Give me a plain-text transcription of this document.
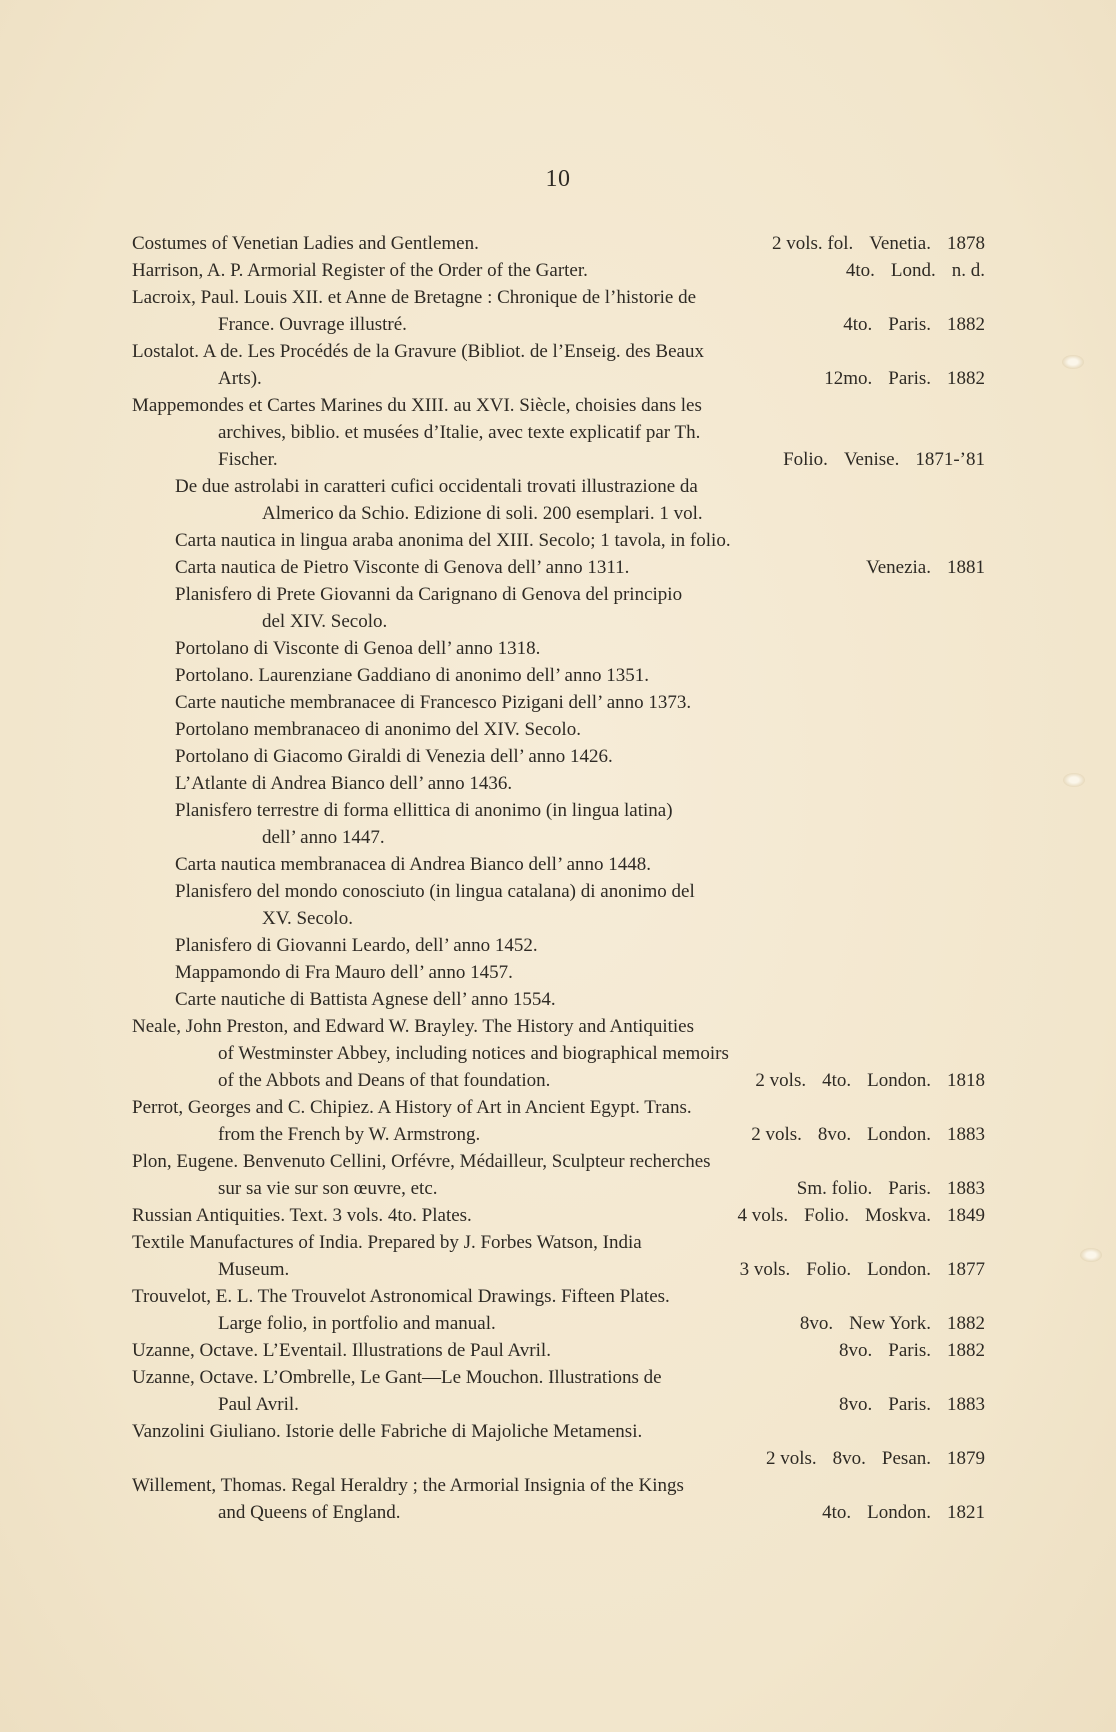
10
Costumes of Venetian Ladies and Gentlemen.	2 vols. fol. Venetia. 1878
Harrison, A. P. Armorial Register of the Order of the Garter.	4to. Lond. n. d.
Lacroix, Paul. Louis XII. et Anne de Bretagne : Chronique de l’historie de
France. Ouvrage illustré.	4to. Paris. 1882
Lostalot. A de. Les Procédés de la Gravure (Bibliot. de l’Enseig. des Beaux
Arts).	12mo. Paris. 1882
Mappemondes et Cartes Marines du XIII. au XVI. Siècle, choisies dans les
archives, biblio. et musées d’Italie, avec texte explicatif par Th.
Fischer.	Folio. Venise. 1871-’81
De due astrolabi in caratteri cufici occidentali trovati illustrazione da
Almerico da Schio. Edizione di soli. 200 esemplari. 1 vol.
Carta nautica in lingua araba anonima del XIII. Secolo; 1 tavola, in folio.
Carta nautica de Pietro Visconte di Genova dell’ anno 1311.	Venezia. 1881
Planisfero di Prete Giovanni da Carignano di Genova del principio
del XIV. Secolo.
Portolano di Visconte di Genoa dell’ anno 1318.
Portolano. Laurenziane Gaddiano di anonimo dell’ anno 1351.
Carte nautiche membranacee di Francesco Pizigani dell’ anno 1373.
Portolano membranaceo di anonimo del XIV. Secolo.
Portolano di Giacomo Giraldi di Venezia dell’ anno 1426.
L’Atlante di Andrea Bianco dell’ anno 1436.
Planisfero terrestre di forma ellittica di anonimo (in lingua latina)
dell’ anno 1447.
Carta nautica membranacea di Andrea Bianco dell’ anno 1448.
Planisfero del mondo conosciuto (in lingua catalana) di anonimo del
XV. Secolo.
Planisfero di Giovanni Leardo, dell’ anno 1452.
Mappamondo di Fra Mauro dell’ anno 1457.
Carte nautiche di Battista Agnese dell’ anno 1554.
Neale, John Preston, and Edward W. Brayley. The History and Antiquities
of Westminster Abbey, including notices and biographical memoirs
of the Abbots and Deans of that foundation.	2 vols. 4to. London. 1818
Perrot, Georges and C. Chipiez. A History of Art in Ancient Egypt. Trans.
from the French by W. Armstrong.	2 vols. 8vo. London. 1883
Plon, Eugene. Benvenuto Cellini, Orfévre, Médailleur, Sculpteur recherches
sur sa vie sur son œuvre, etc.	Sm. folio. Paris. 1883
Russian Antiquities. Text. 3 vols. 4to. Plates.	4 vols. Folio. Moskva. 1849
Textile Manufactures of India. Prepared by J. Forbes Watson, India
Museum.	3 vols. Folio. London. 1877
Trouvelot, E. L. The Trouvelot Astronomical Drawings. Fifteen Plates.
Large folio, in portfolio and manual.	8vo. New York. 1882
Uzanne, Octave. L’Eventail. Illustrations de Paul Avril.	8vo. Paris. 1882
Uzanne, Octave. L’Ombrelle, Le Gant—Le Mouchon. Illustrations de
Paul Avril.	8vo. Paris. 1883
Vanzolini Giuliano. Istorie delle Fabriche di Majoliche Metamensi.
2 vols. 8vo. Pesan. 1879
Willement, Thomas. Regal Heraldry ; the Armorial Insignia of the Kings
and Queens of England.	4to. London. 1821
